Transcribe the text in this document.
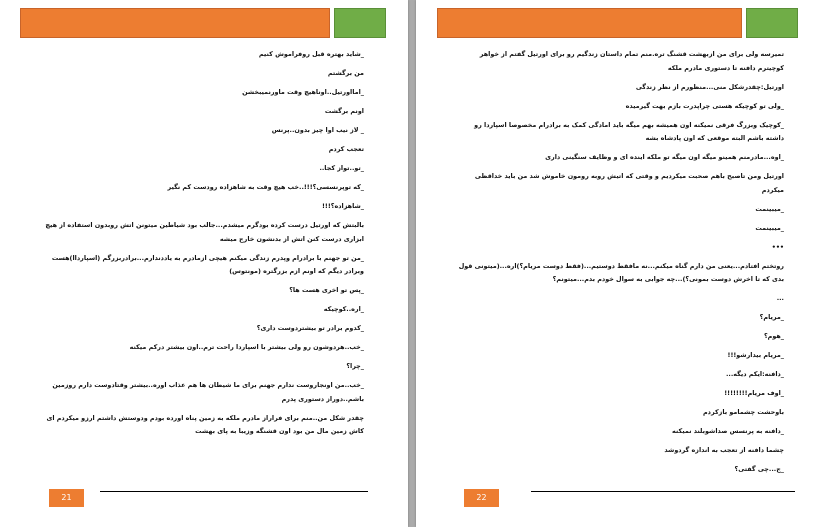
_شاید بهتره قبل روفراموش کنیم

من برگشتم

_امااورتیل..اوناهیچ وقت ماورنمیبخشن

اونم برگشت

_ لاز نیب اوا چیز بدون..پرنس

تعجب کردم

_تو..تواز کجا..

_که توپرنسسی؟!!!..خب هیچ وقت به شاهزاده رودست کم نگیر

_شاهزاده؟!!!

بالبتش که اورتیل درست کرده بودگرم میشدم...جالب بود شیاطین میتونن اتش روبدون استفاده از هیچ ابزاری درست کنن اتش از بدنشون خارج میشه

_من تو جهنم با برادرام وپدرم زندگی میکنم هیچی ازمادرم به یاددندارم...برادربزرگم (اسپارداا)هست وبرادر دیگم که اونم ازم بزرگتره (مونتوس)

_پس تو اخری هست ها؟

_اره..کوچیکه

_کدوم برادر تو بیشتردوست داری؟

_خب..هردوشون رو ولی بیشتر با اسپاردا راحت ترم..اون بیشتر درکم میکنه

_چرا؟

_خب..من اونجاروست ندارم جهنم برای ما شیطان ها هم عذاب اوره..بیشتر وقتادوست دارم روزمین باشم..دوراز دستوری پدرم

چقدر شکل من..منم برای فراراز مادرم ملکه به زمین پناه اورده بودم ودوستش داشتم ارزو میکردم ای کاش زمین مال من بود اون قشنگه وزیبا به پای بهشت

21

تمیرسه ولی برای من ازبهشت قشنگ تره.منم تمام داستان زندگیم رو برای اورتیل گفتم از خواهر کوچیترم دافنه تا دستوری مادرم ملکه

اورتیل:چقدرشکل منی...منظورم از نظر زندگی

_ولی تو کوچیکه هستی چراپدرت بازم بهت گیرمیده

_کوچیک وبزرگ فرقی نمیکنه اون همیشه بهم میگه باید امادگی کمک به برادرام مخصوصا اسپاردا رو داشته باشم البته موقعی که اون پادشاه بشه

_اوه...مادرمنم همینو میگه اون میگه تو ملکه اینده ای و وظایف سنگینی داری

اورتیل ومن تاصبح باهم صحبت میکردیم و وقتی که اتیش روبه رومون خاموش شد من باید خداقظی میکردم

_میبینمت

_میبینمت

•••

روتختم افتادم...یعنی من دارم گناه میکنم...نه مافقط دوستیم...(فقط دوست مریام؟)اره...(میتونی قول بدی که تا اخرش دوست بمونی؟)...چه جوابی به سوال خودم بدم...میتونم؟

...

_مریام؟

_هوم؟

_مریام بیدارشو!!!

_دافنه:ایکم دیگه...

_اوف مریام!!!!!!!!

باوحشت چشمامو بازکردم

_دافنه به پرنسس صداشوبلند نمیکنه

چشما دافنه از تعجب به اندازه گردوشد

_ج...چی گفتی؟

22
